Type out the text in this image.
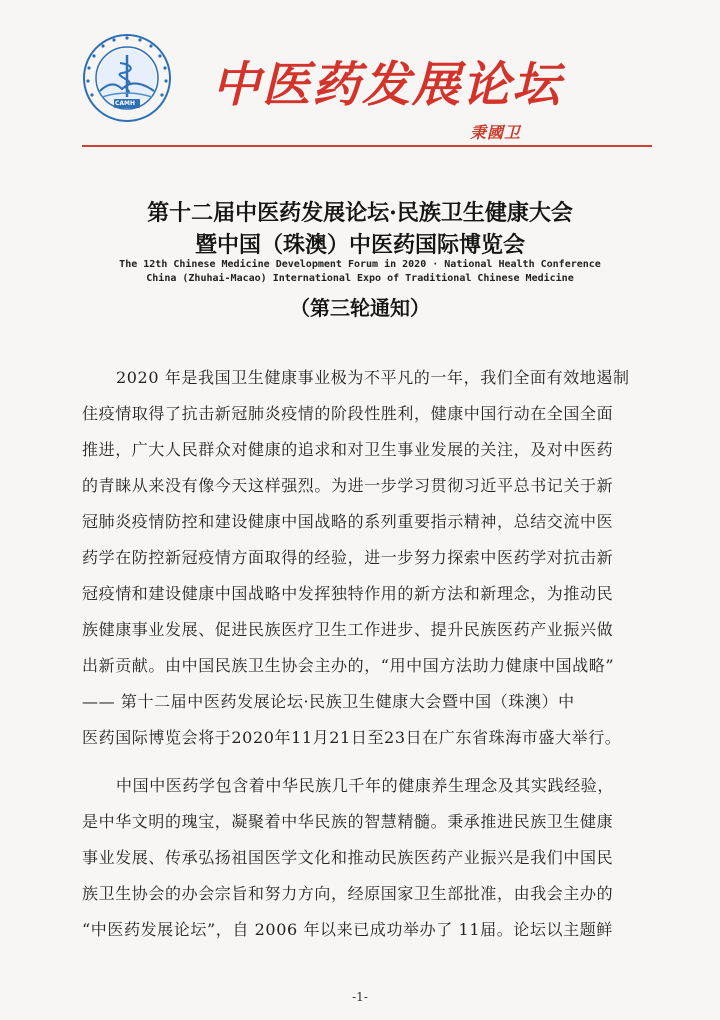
CAMH 中医药发展论坛
秉國卫
第十二届中医药发展论坛·民族卫生健康大会
暨中国（珠澳）中医药国际博览会
The 12th Chinese Medicine Development Forum in 2020 · National Health Conference
China (Zhuhai-Macao) International Expo of Traditional Chinese Medicine
（第三轮通知）
2020 年是我国卫生健康事业极为不平凡的一年，我们全面有效地遏制
住疫情取得了抗击新冠肺炎疫情的阶段性胜利，健康中国行动在全国全面
推进，广大人民群众对健康的追求和对卫生事业发展的关注，及对中医药
的青睐从来没有像今天这样强烈。为进一步学习贯彻习近平总书记关于新
冠肺炎疫情防控和建设健康中国战略的系列重要指示精神，总结交流中医
药学在防控新冠疫情方面取得的经验，进一步努力探索中医药学对抗击新
冠疫情和建设健康中国战略中发挥独特作用的新方法和新理念，为推动民
族健康事业发展、促进民族医疗卫生工作进步、提升民族医药产业振兴做
出新贡献。由中国民族卫生协会主办的，“用中国方法助力健康中国战略”
—— 第十二届中医药发展论坛·民族卫生健康大会暨中国（珠澳）中
医药国际博览会将于2020年11月21日至23日在广东省珠海市盛大举行。
中国中医药学包含着中华民族几千年的健康养生理念及其实践经验，
是中华文明的瑰宝，凝聚着中华民族的智慧精髓。秉承推进民族卫生健康
事业发展、传承弘扬祖国医学文化和推动民族医药产业振兴是我们中国民
族卫生协会的办会宗旨和努力方向，经原国家卫生部批准，由我会主办的
“中医药发展论坛”，自 2006 年以来已成功举办了 11届。论坛以主题鲜
-1-
